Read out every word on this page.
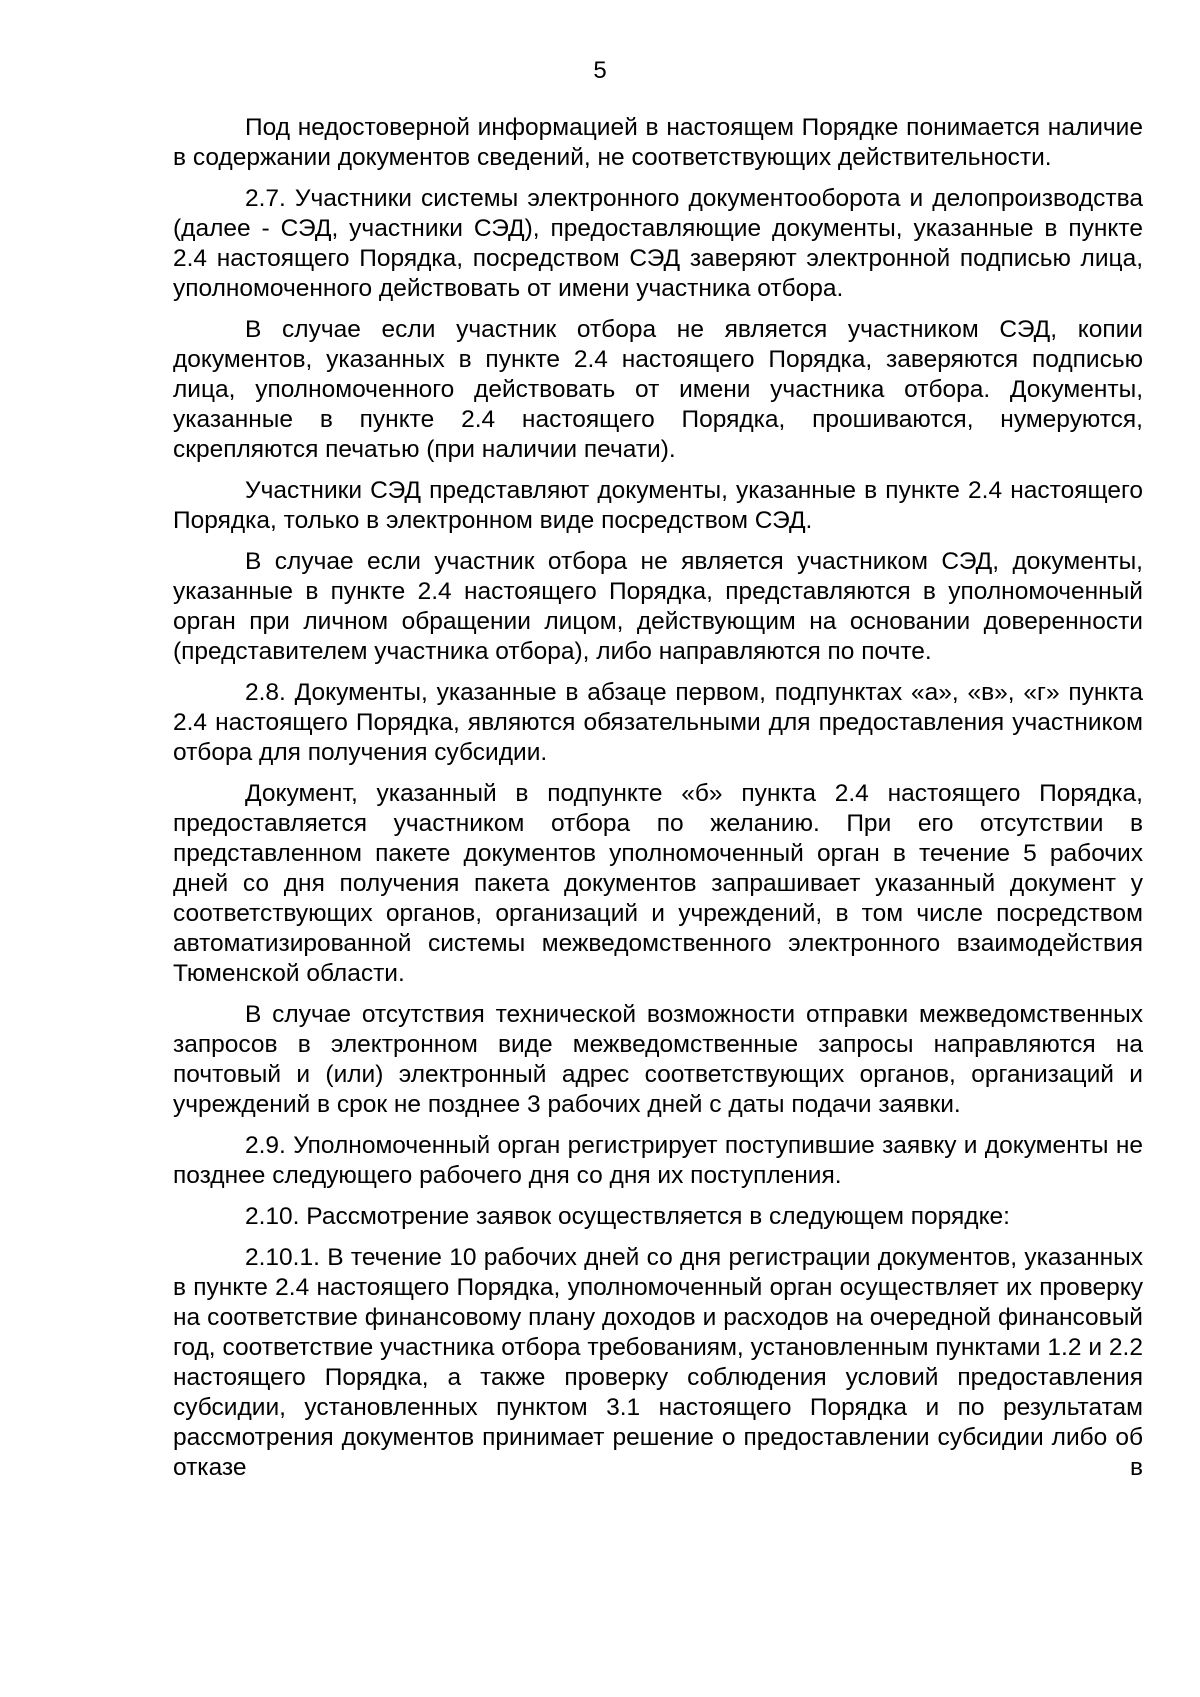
5

Под недостоверной информацией в настоящем Порядке понимается наличие в содержании документов сведений, не соответствующих действительности.

2.7. Участники системы электронного документооборота и делопроизводства (далее - СЭД, участники СЭД), предоставляющие документы, указанные в пункте 2.4 настоящего Порядка, посредством СЭД заверяют электронной подписью лица, уполномоченного действовать от имени участника отбора.

В случае если участник отбора не является участником СЭД, копии документов, указанных в пункте 2.4 настоящего Порядка, заверяются подписью лица, уполномоченного действовать от имени участника отбора. Документы, указанные в пункте 2.4 настоящего Порядка, прошиваются, нумеруются, скрепляются печатью (при наличии печати).

Участники СЭД представляют документы, указанные в пункте 2.4 настоящего Порядка, только в электронном виде посредством СЭД.

В случае если участник отбора не является участником СЭД, документы, указанные в пункте 2.4 настоящего Порядка, представляются в уполномоченный орган при личном обращении лицом, действующим на основании доверенности (представителем участника отбора), либо направляются по почте.

2.8. Документы, указанные в абзаце первом, подпунктах «а», «в», «г» пункта 2.4 настоящего Порядка, являются обязательными для предоставления участником отбора для получения субсидии.

Документ, указанный в подпункте «б» пункта 2.4 настоящего Порядка, предоставляется участником отбора по желанию. При его отсутствии в представленном пакете документов уполномоченный орган в течение 5 рабочих дней со дня получения пакета документов запрашивает указанный документ у соответствующих органов, организаций и учреждений, в том числе посредством автоматизированной системы межведомственного электронного взаимодействия Тюменской области.

В случае отсутствия технической возможности отправки межведомственных запросов в электронном виде межведомственные запросы направляются на почтовый и (или) электронный адрес соответствующих органов, организаций и учреждений в срок не позднее 3 рабочих дней с даты подачи заявки.

2.9. Уполномоченный орган регистрирует поступившие заявку и документы не позднее следующего рабочего дня со дня их поступления.

2.10. Рассмотрение заявок осуществляется в следующем порядке:

2.10.1. В течение 10 рабочих дней со дня регистрации документов, указанных в пункте 2.4 настоящего Порядка, уполномоченный орган осуществляет их проверку на соответствие финансовому плану доходов и расходов на очередной финансовый год, соответствие участника отбора требованиям, установленным пунктами 1.2 и 2.2 настоящего Порядка, а также проверку соблюдения условий предоставления субсидии, установленных пунктом 3.1 настоящего Порядка и по результатам рассмотрения документов принимает решение о предоставлении субсидии либо об отказе в
